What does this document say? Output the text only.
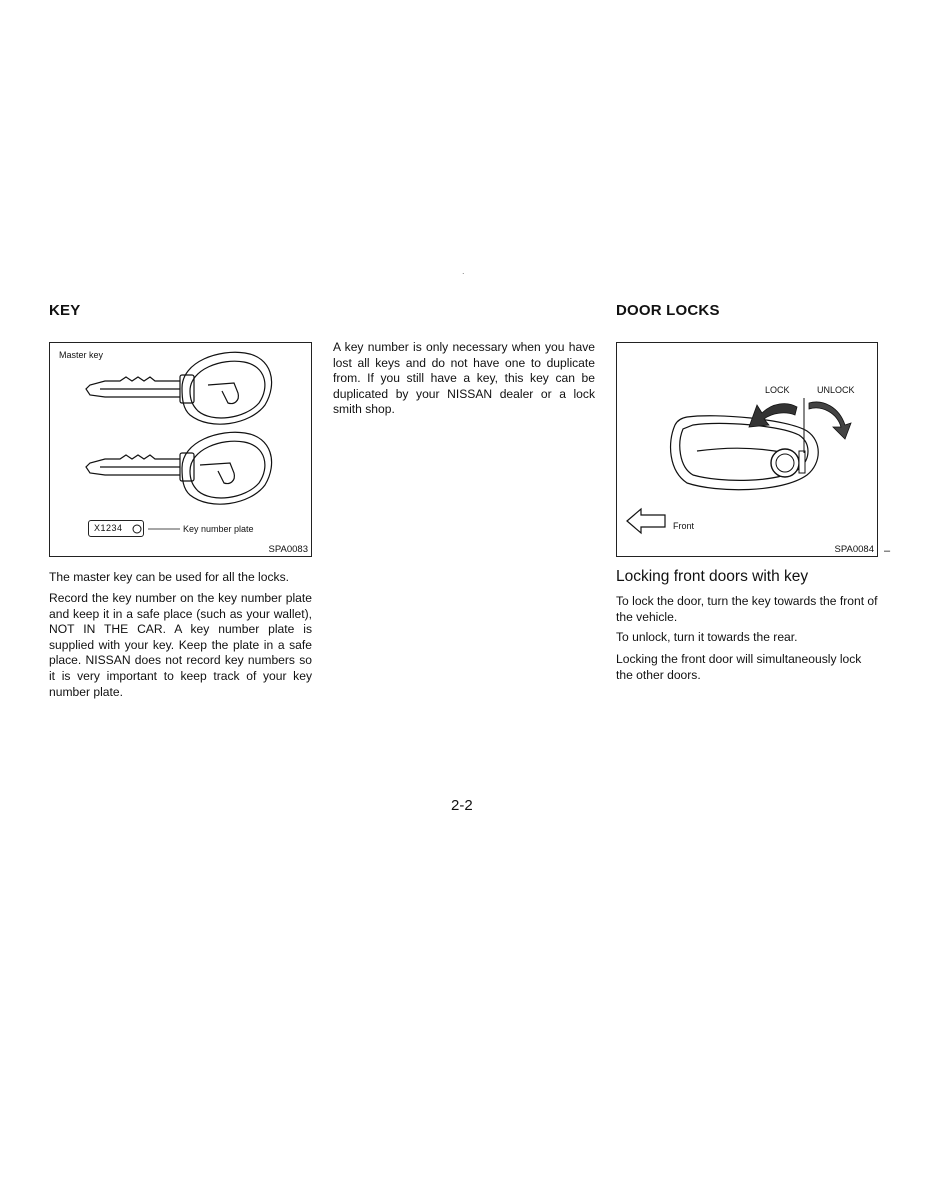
.
KEY
Master key
X1234	Key number plate
SPA0083

The master key can be used for all the locks.

Record the key number on the key number plate and keep it in a safe place (such as your wallet), NOT IN THE CAR. A key number plate is supplied with your key. Keep the plate in a safe place. NISSAN does not record key numbers so it is very important to keep track of your key number plate.

A key number is only necessary when you have lost all keys and do not have one to duplicate from. If you still have a key, this key can be duplicated by your NISSAN dealer or a lock smith shop.

DOOR LOCKS
LOCK	UNLOCK
Front
SPA0084 –
Locking front doors with key

To lock the door, turn the key towards the front of the vehicle.

To unlock, turn it towards the rear.

Locking the front door will simultaneously lock the other doors.

2-2
